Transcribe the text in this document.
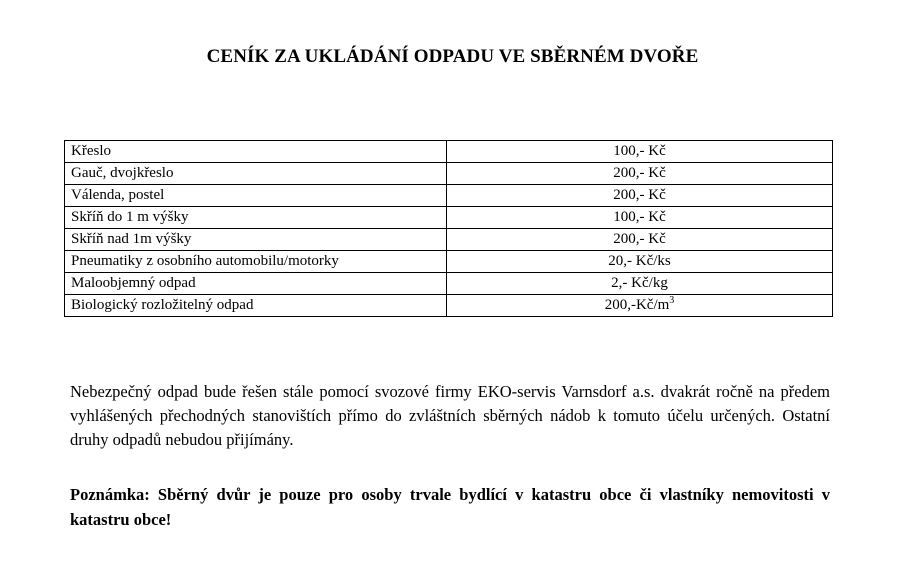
CENÍK ZA UKLÁDÁNÍ ODPADU VE SBĚRNÉM DVOŘE
Křeslo	100,- Kč
Gauč, dvojkřeslo	200,- Kč
Válenda, postel	200,- Kč
Skříň do 1 m výšky	100,- Kč
Skříň nad 1m výšky	200,- Kč
Pneumatiky z osobního automobilu/motorky	20,- Kč/ks
Maloobjemný odpad	2,- Kč/kg
Biologický rozložitelný odpad	$200,-Kč/m^3$
Nebezpečný odpad bude řešen stále pomocí svozové firmy EKO-servis Varnsdorf a.s. dvakrát ročně na předem vyhlášených přechodných stanovištích přímo do zvláštních sběrných nádob k tomuto účelu určených. Ostatní druhy odpadů nebudou přijímány.
Poznámka: Sběrný dvůr je pouze pro osoby trvale bydlící v katastru obce či vlastníky nemovitosti v katastru obce!
